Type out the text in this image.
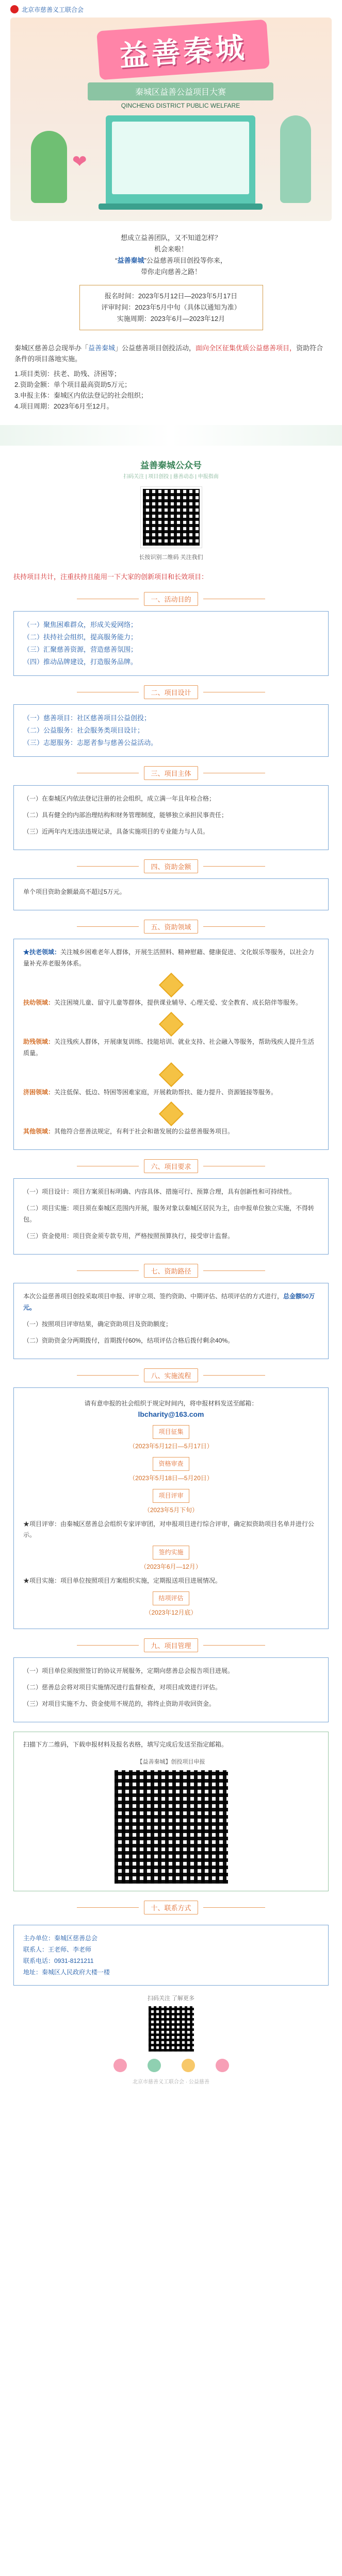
北京市慈善义工联合会
益善秦城
秦城区益善公益项目大赛
QINCHENG DISTRICT PUBLIC WELFARE
❤
想成立益善团队，又不知道怎样？
机会来啦！
“益善秦城”公益慈善项目创投等你来，
带你走向慈善之路！
报名时间：2023年5月12日—2023年5月17日
评审时间：2023年5月中旬（具体以通知为准）
实施周期：2023年6月—2023年12月
秦城区慈善总会现举办「益善秦城」公益慈善项目创投活动，面向全区征集优质公益慈善项目，资助符合条件的项目落地实施。
1.项目类别：扶老、助残、济困等；
2.资助金额：单个项目最高资助5万元；
3.申报主体：秦城区内依法登记的社会组织；
4.项目周期：2023年6月至12月。
益善秦城公众号
扫码关注 | 项目创投 | 慈善动态 | 申报指南
长按识别二维码 关注我们
扶持项目共计，注重扶持且能用一下大家的创新项目和长效项目：
一、活动目的
（一）聚焦困难群众，形成关爱网络；
（二）扶持社会组织，提高服务能力；
（三）汇聚慈善资源，营造慈善氛围；
（四）推动品牌建设，打造服务品牌。
二、项目设计
（一）慈善项目：社区慈善项目公益创投；
（二）公益服务：社会服务类项目设计；
（三）志愿服务：志愿者参与慈善公益活动。
三、项目主体

（一）在秦城区内依法登记注册的社会组织，成立满一年且年检合格；

（二）具有健全的内部治理结构和财务管理制度，能够独立承担民事责任；

（三）近两年内无违法违规记录，具备实施项目的专业能力与人员。

四、资助金额

单个项目资助金额最高不超过5万元。

五、资助领域

★扶老领域：关注城乡困难老年人群体，开展生活照料、精神慰藉、健康促进、文化娱乐等服务，以社会力量补充养老服务体系。

扶幼领域：关注困境儿童、留守儿童等群体，提供课业辅导、心理关爱、安全教育、成长陪伴等服务。

助残领域：关注残疾人群体，开展康复训练、技能培训、就业支持、社会融入等服务，帮助残疾人提升生活质量。

济困领域：关注低保、低边、特困等困难家庭，开展救助帮扶、能力提升、资源链接等服务。

其他领域：其他符合慈善法规定，有利于社会和谐发展的公益慈善服务项目。

六、项目要求

（一）项目设计：项目方案须目标明确、内容具体、措施可行、预算合理，具有创新性和可持续性。

（二）项目实施：项目须在秦城区范围内开展，服务对象以秦城区居民为主，由申报单位独立实施，不得转包。

（三）资金使用：项目资金须专款专用，严格按照预算执行，接受审计监督。

七、资助路径

本次公益慈善项目创投采取项目申报、评审立项、签约资助、中期评估、结项评估的方式进行，总金额50万元。

（一）按照项目评审结果，确定资助项目及资助额度；

（二）资助资金分两期拨付，首期拨付60%，结项评估合格后拨付剩余40%。

八、实施流程
请有意申报的社会组织于规定时间内，将申报材料发送至邮箱：
lbcharity@163.com
项目征集
（2023年5月12日—5月17日）
资格审查
（2023年5月18日—5月20日）
项目评审
（2023年5月下旬）
★项目评审：由秦城区慈善总会组织专家评审团，对申报项目进行综合评审，确定拟资助项目名单并进行公示。
签约实施
（2023年6月—12月）
★项目实施：项目单位按照项目方案组织实施，定期报送项目进展情况。
结项评估
（2023年12月底）
九、项目管理

（一）项目单位须按照签订的协议开展服务，定期向慈善总会报告项目进展。

（二）慈善总会将对项目实施情况进行监督检查，对项目成效进行评估。

（三）对项目实施不力、资金使用不规范的，将终止资助并收回资金。

扫描下方二维码，下载申报材料及报名表格，填写完成后发送至指定邮箱。
【益善秦城】创投项目申报
十、联系方式
主办单位：秦城区慈善总会
联系人：王老师、李老师
联系电话：0931-8121211
地址：秦城区人民政府大楼一楼
扫码关注 了解更多
北京市慈善义工联合会 · 公益慈善
